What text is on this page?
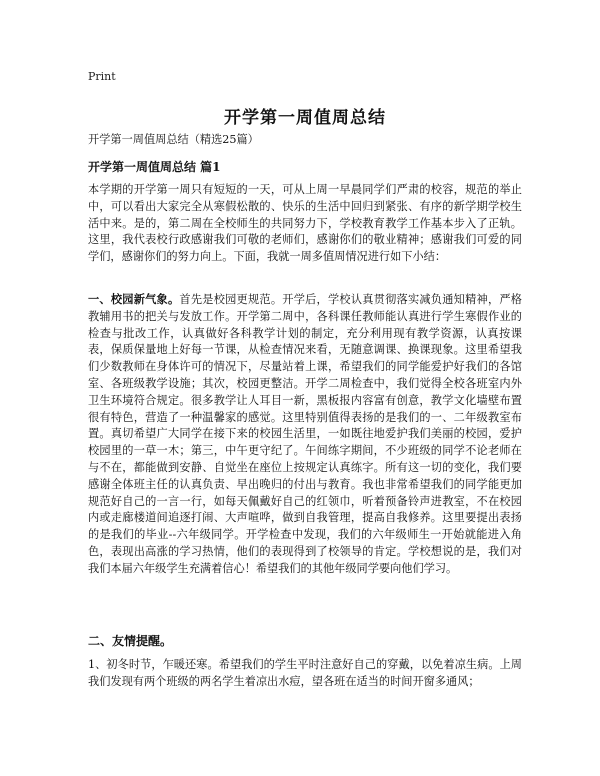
Print
开学第一周值周总结
开学第一周值周总结（精选25篇）
开学第一周值周总结 篇1

本学期的开学第一周只有短短的一天，可从上周一早晨同学们严肃的校容，规范的举止中，可以看出大家完全从寒假松散的、快乐的生活中回归到紧张、有序的新学期学校生活中来。是的，第二周在全校师生的共同努力下，学校教育教学工作基本步入了正轨。这里，我代表校行政感谢我们可敬的老师们，感谢你们的敬业精神；感谢我们可爱的同学们，感谢你们的努力向上。下面，我就一周多值周情况进行如下小结：

一、校园新气象。首先是校园更规范。开学后，学校认真贯彻落实减负通知精神，严格教辅用书的把关与发放工作。开学第二周中，各科课任教师能认真进行学生寒假作业的检查与批改工作，认真做好各科教学计划的制定，充分利用现有教学资源，认真按课表，保质保量地上好每一节课，从检查情况来看，无随意调课、换课现象。这里希望我们少数教师在身体许可的情况下，尽量站着上课，希望我们的同学能爱护好我们的各馆室、各班级教学设施；其次，校园更整洁。开学二周检查中，我们觉得全校各班室内外卫生环境符合规定。很多教学让人耳目一新，黑板报内容富有创意，教学文化墙壁布置很有特色，营造了一种温馨家的感觉。这里特别值得表扬的是我们的一、二年级教室布置。真切希望广大同学在接下来的校园生活里，一如既往地爱护我们美丽的校园，爱护校园里的一草一木；第三，中午更守纪了。午间练字期间，不少班级的同学不论老师在与不在，都能做到安静、自觉坐在座位上按规定认真练字。所有这一切的变化，我们要感谢全体班主任的认真负责、早出晚归的付出与教育。我也非常希望我们的同学能更加规范好自己的一言一行，如每天佩戴好自己的红领巾，听着预备铃声进教室，不在校园内或走廊楼道间追逐打闹、大声喧哗，做到自我管理，提高自我修养。这里要提出表扬的是我们的毕业--六年级同学。开学检查中发现，我们的六年级师生一开始就能进入角色，表现出高涨的学习热情，他们的表现得到了校领导的肯定。学校想说的是，我们对我们本届六年级学生充满着信心！希望我们的其他年级同学要向他们学习。

二、友情提醒。

1、初冬时节，乍暖还寒。希望我们的学生平时注意好自己的穿戴，以免着凉生病。上周我们发现有两个班级的两名学生着凉出水痘，望各班在适当的时间开窗多通风；
